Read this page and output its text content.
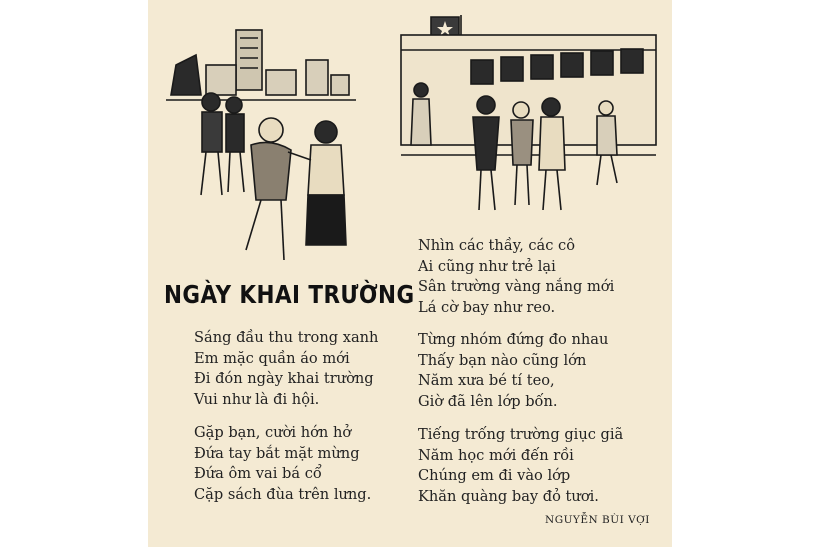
NGÀY KHAI TRƯỜNG
Sáng đầu thu trong xanh
Em mặc quần áo mới
Đi đón ngày khai trường
Vui như là đi hội.
Gặp bạn, cười hớn hở
Đứa tay bắt mặt mừng
Đứa ôm vai bá cổ
Cặp sách đùa trên lưng.
Nhìn các thầy, các cô
Ai cũng như trẻ lại
Sân trường vàng nắng mới
Lá cờ bay như reo.
Từng nhóm đứng đo nhau
Thấy bạn nào cũng lớn
Năm xưa bé tí teo,
Giờ đã lên lớp bốn.
Tiếng trống trường giục giã
Năm học mới đến rồi
Chúng em đi vào lớp
Khăn quàng bay đỏ tươi.
NGUYỄN BÙI VỢI
